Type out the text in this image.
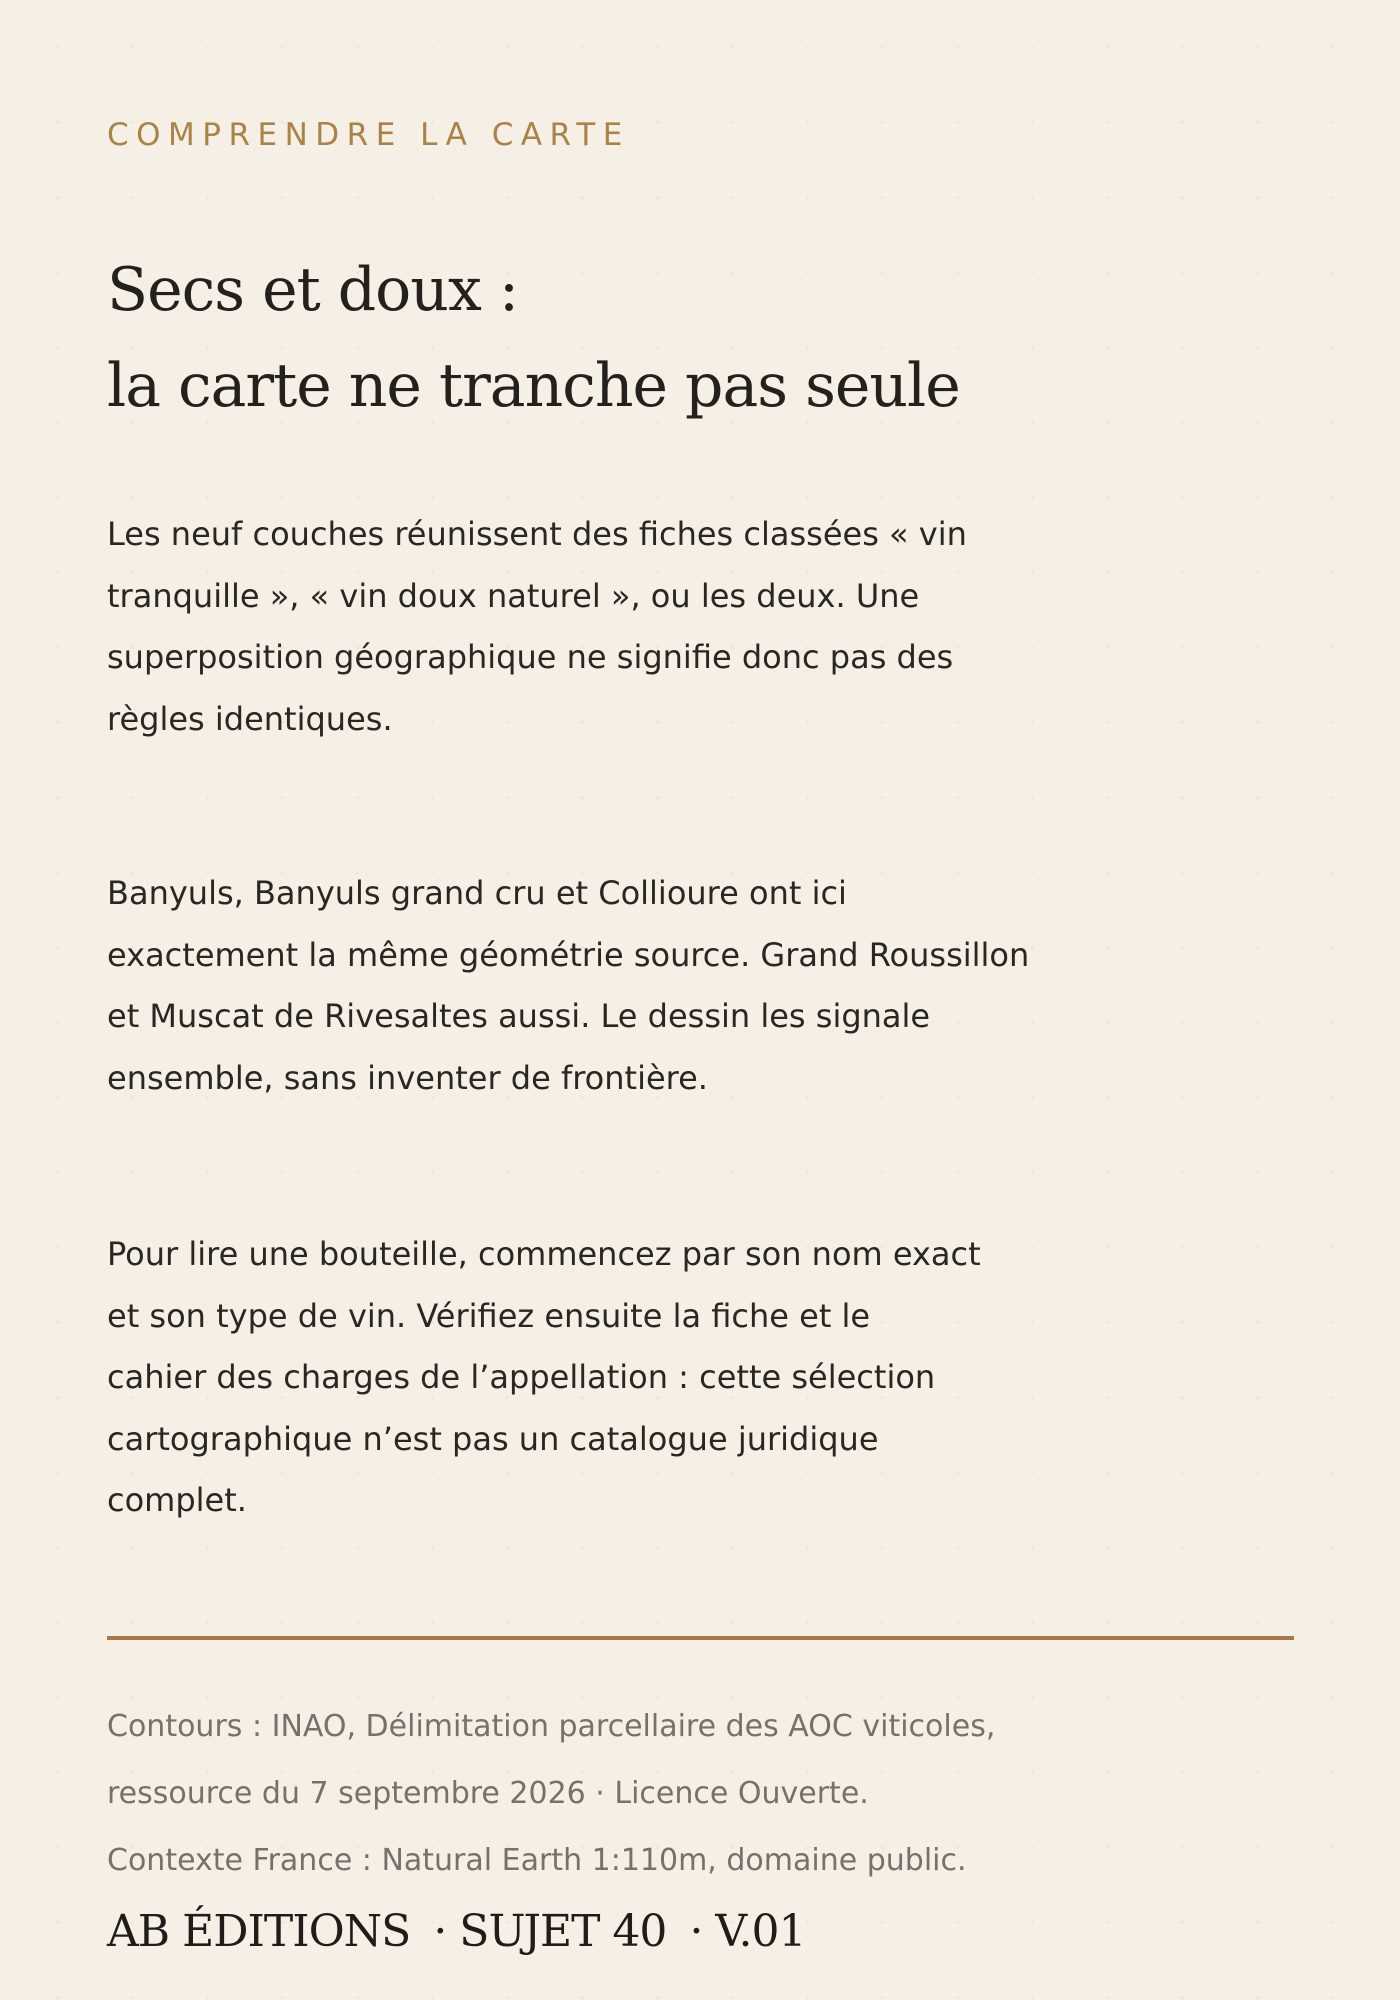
COMPRENDRE LA CARTE
Secs et doux :
la carte ne tranche pas seule

Les neuf couches réunissent des fiches classées « vin
tranquille », « vin doux naturel », ou les deux. Une
superposition géographique ne signifie donc pas des
règles identiques.

Banyuls, Banyuls grand cru et Collioure ont ici
exactement la même géométrie source. Grand Roussillon
et Muscat de Rivesaltes aussi. Le dessin les signale
ensemble, sans inventer de frontière.

Pour lire une bouteille, commencez par son nom exact
et son type de vin. Vérifiez ensuite la fiche et le
cahier des charges de l’appellation : cette sélection
cartographique n’est pas un catalogue juridique
complet.

Contours : INAO, Délimitation parcellaire des AOC viticoles,
ressource du 7 septembre 2026 · Licence Ouverte.
Contexte France : Natural Earth 1:110m, domaine public.
AB ÉDITIONS · SUJET 40 · V.01
